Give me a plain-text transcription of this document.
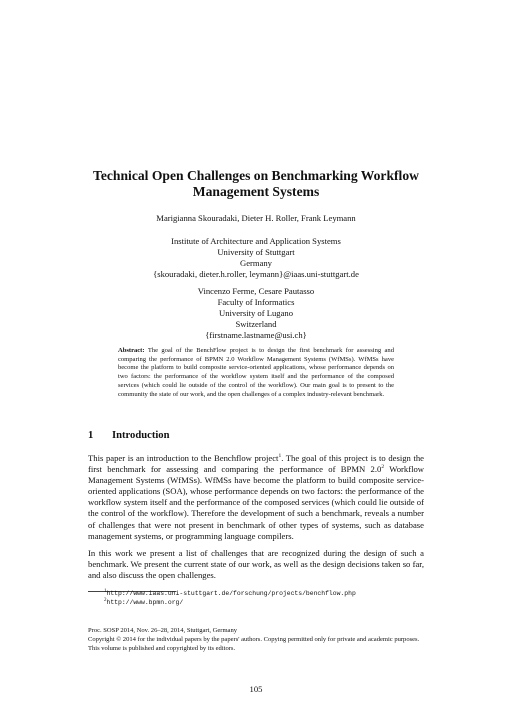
Technical Open Challenges on Benchmarking Workflow
Management Systems
Marigianna Skouradaki, Dieter H. Roller, Frank Leymann
Institute of Architecture and Application Systems
University of Stuttgart
Germany
{skouradaki, dieter.h.roller, leymann}@iaas.uni-stuttgart.de
Vincenzo Ferme, Cesare Pautasso
Faculty of Informatics
University of Lugano
Switzerland
{firstname.lastname@usi.ch}
Abstract: The goal of the BenchFlow project is to design the first benchmark for assessing and comparing the performance of BPMN 2.0 Workflow Management Systems (WfMSs). WfMSs have become the platform to build composite service-oriented applications, whose performance depends on two factors: the performance of the workflow system itself and the performance of the composed services (which could lie outside of the control of the workflow). Our main goal is to present to the community the state of our work, and the open challenges of a complex industry-relevant benchmark.
1 Introduction
This paper is an introduction to the Benchflow project$^1$. The goal of this project is to design the first benchmark for assessing and comparing the performance of BPMN $2.0^2$ Workflow Management Systems (WfMSs). WfMSs have become the platform to build composite service-oriented applications (SOA), whose performance depends on two factors: the performance of the workflow system itself and the performance of the composed services (which could lie outside of the control of the workflow). Therefore the development of such a benchmark, reveals a number of challenges that were not present in benchmark of other types of systems, such as database management systems, or programming language compilers.
In this work we present a list of challenges that are recognized during the design of such a benchmark. We present the current state of our work, as well as the design decisions taken so far, and also discuss the open challenges.
$^1$http://www.iaas.uni-stuttgart.de/forschung/projects/benchflow.php
$^2$http://www.bpmn.org/
Proc. SOSP 2014, Nov. 26–28, 2014, Stuttgart, Germany
Copyright © 2014 for the individual papers by the papers' authors. Copying permitted only for private and academic purposes. This volume is published and copyrighted by its editors.
105
